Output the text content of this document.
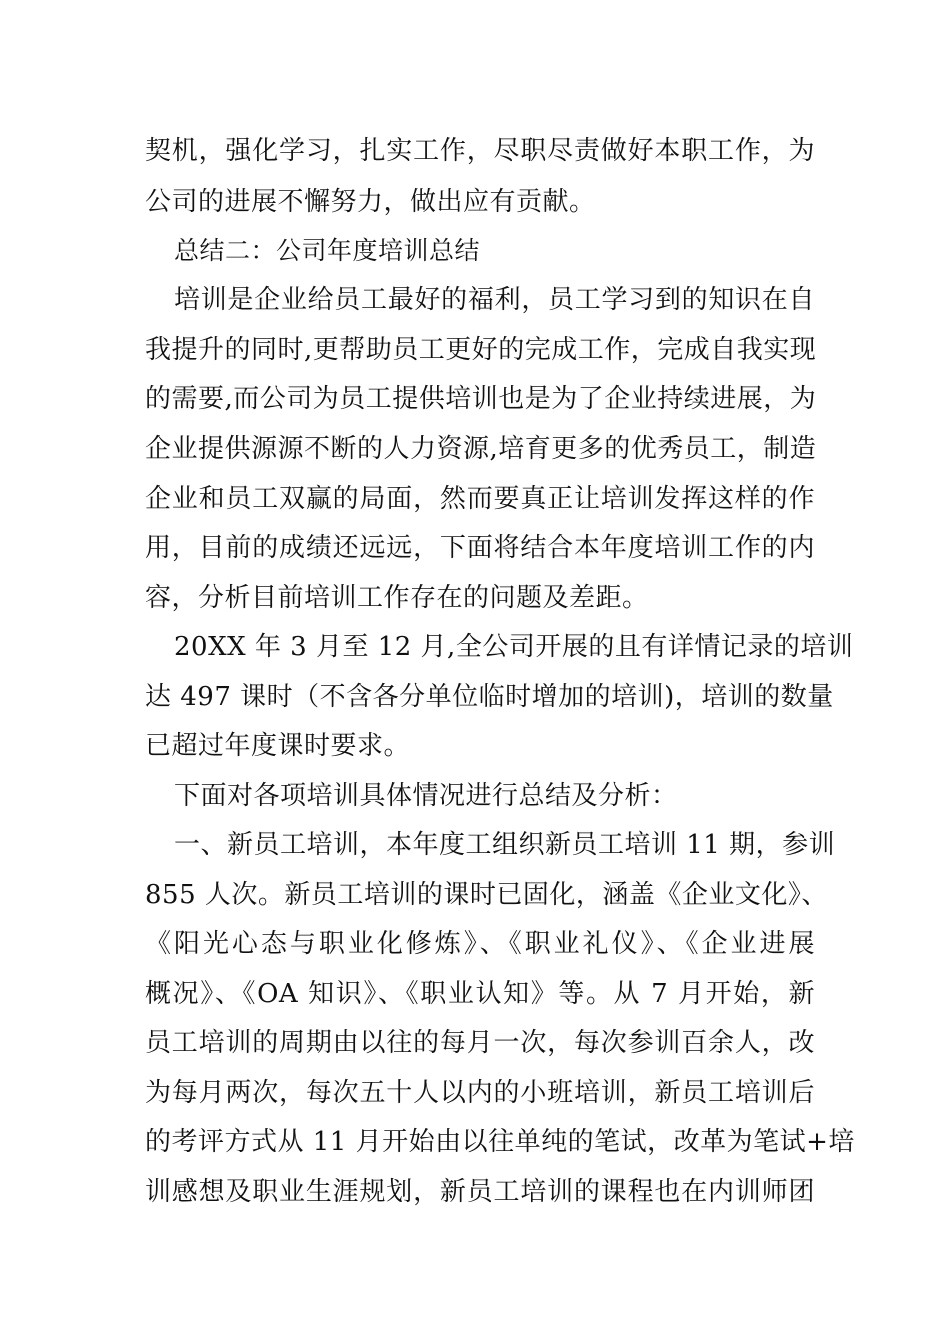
契机，强化学习，扎实工作，尽职尽责做好本职工作，为

公司的进展不懈努力，做出应有贡献。

总结二：公司年度培训总结

培训是企业给员工最好的福利，员工学习到的知识在自

我提升的同时,更帮助员工更好的完成工作，完成自我实现

的需要,而公司为员工提供培训也是为了企业持续进展，为

企业提供源源不断的人力资源,培育更多的优秀员工，制造

企业和员工双赢的局面，然而要真正让培训发挥这样的作

用，目前的成绩还远远，下面将结合本年度培训工作的内

容，分析目前培训工作存在的问题及差距。

20XX 年 3 月至 12 月,全公司开展的且有详情记录的培训

达 497 课时（不含各分单位临时增加的培训)，培训的数量

已超过年度课时要求。

下面对各项培训具体情况进行总结及分析：

一、新员工培训，本年度工组织新员工培训 11 期，参训

855 人次。新员工培训的课时已固化，涵盖《企业文化》、

《阳光心态与职业化修炼》、《职业礼仪》、《企业进展

概况》、《OA 知识》、《职业认知》等。从 7 月开始，新

员工培训的周期由以往的每月一次，每次参训百余人，改

为每月两次，每次五十人以内的小班培训，新员工培训后

的考评方式从 11 月开始由以往单纯的笔试，改革为笔试+培

训感想及职业生涯规划，新员工培训的课程也在内训师团
